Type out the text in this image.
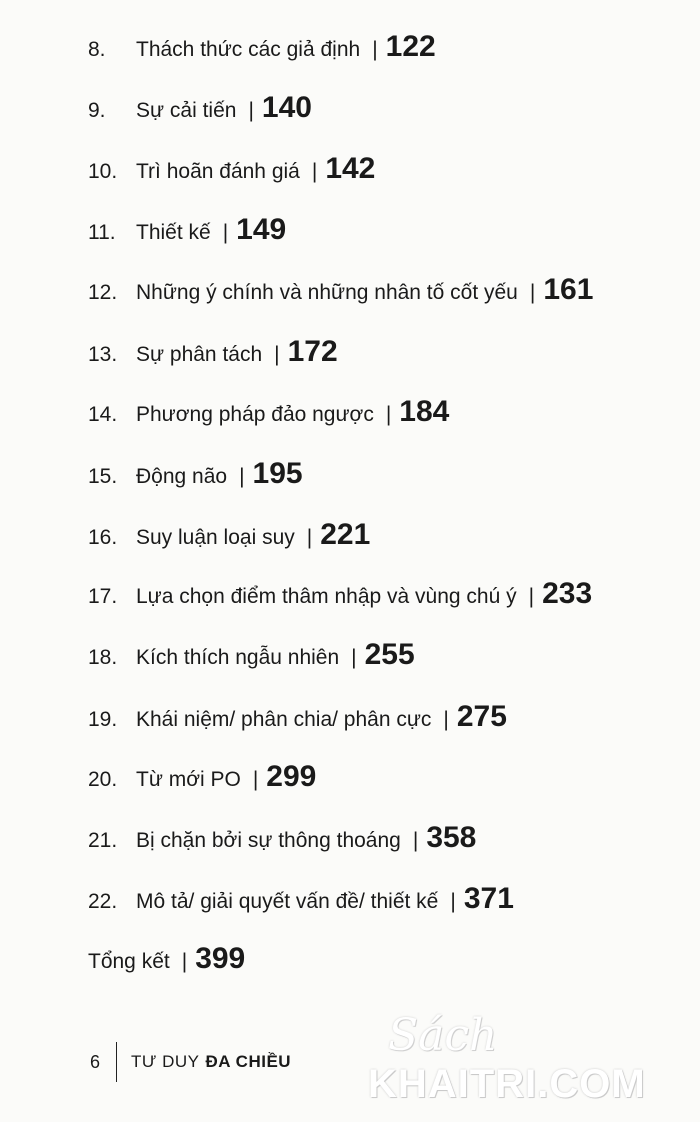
8.	Thách thức các giả định | 122
9.	Sự cải tiến | 140
10. Trì hoãn đánh giá | 142
11. Thiết kế | 149
12. Những ý chính và những nhân tố cốt yếu | 161
13. Sự phân tách | 172
14. Phương pháp đảo ngược | 184
15. Động não | 195
16. Suy luận loại suy | 221
17. Lựa chọn điểm thâm nhập và vùng chú ý | 233
18. Kích thích ngẫu nhiên | 255
19. Khái niệm/ phân chia/ phân cực | 275
20. Từ mới PO | 299
21. Bị chặn bởi sự thông thoáng | 358
22. Mô tả/ giải quyết vấn đề/ thiết kế | 371
Tổng kết | 399
6	TƯ DUY ĐA CHIỀU
Sách
KHAITRI.COM
